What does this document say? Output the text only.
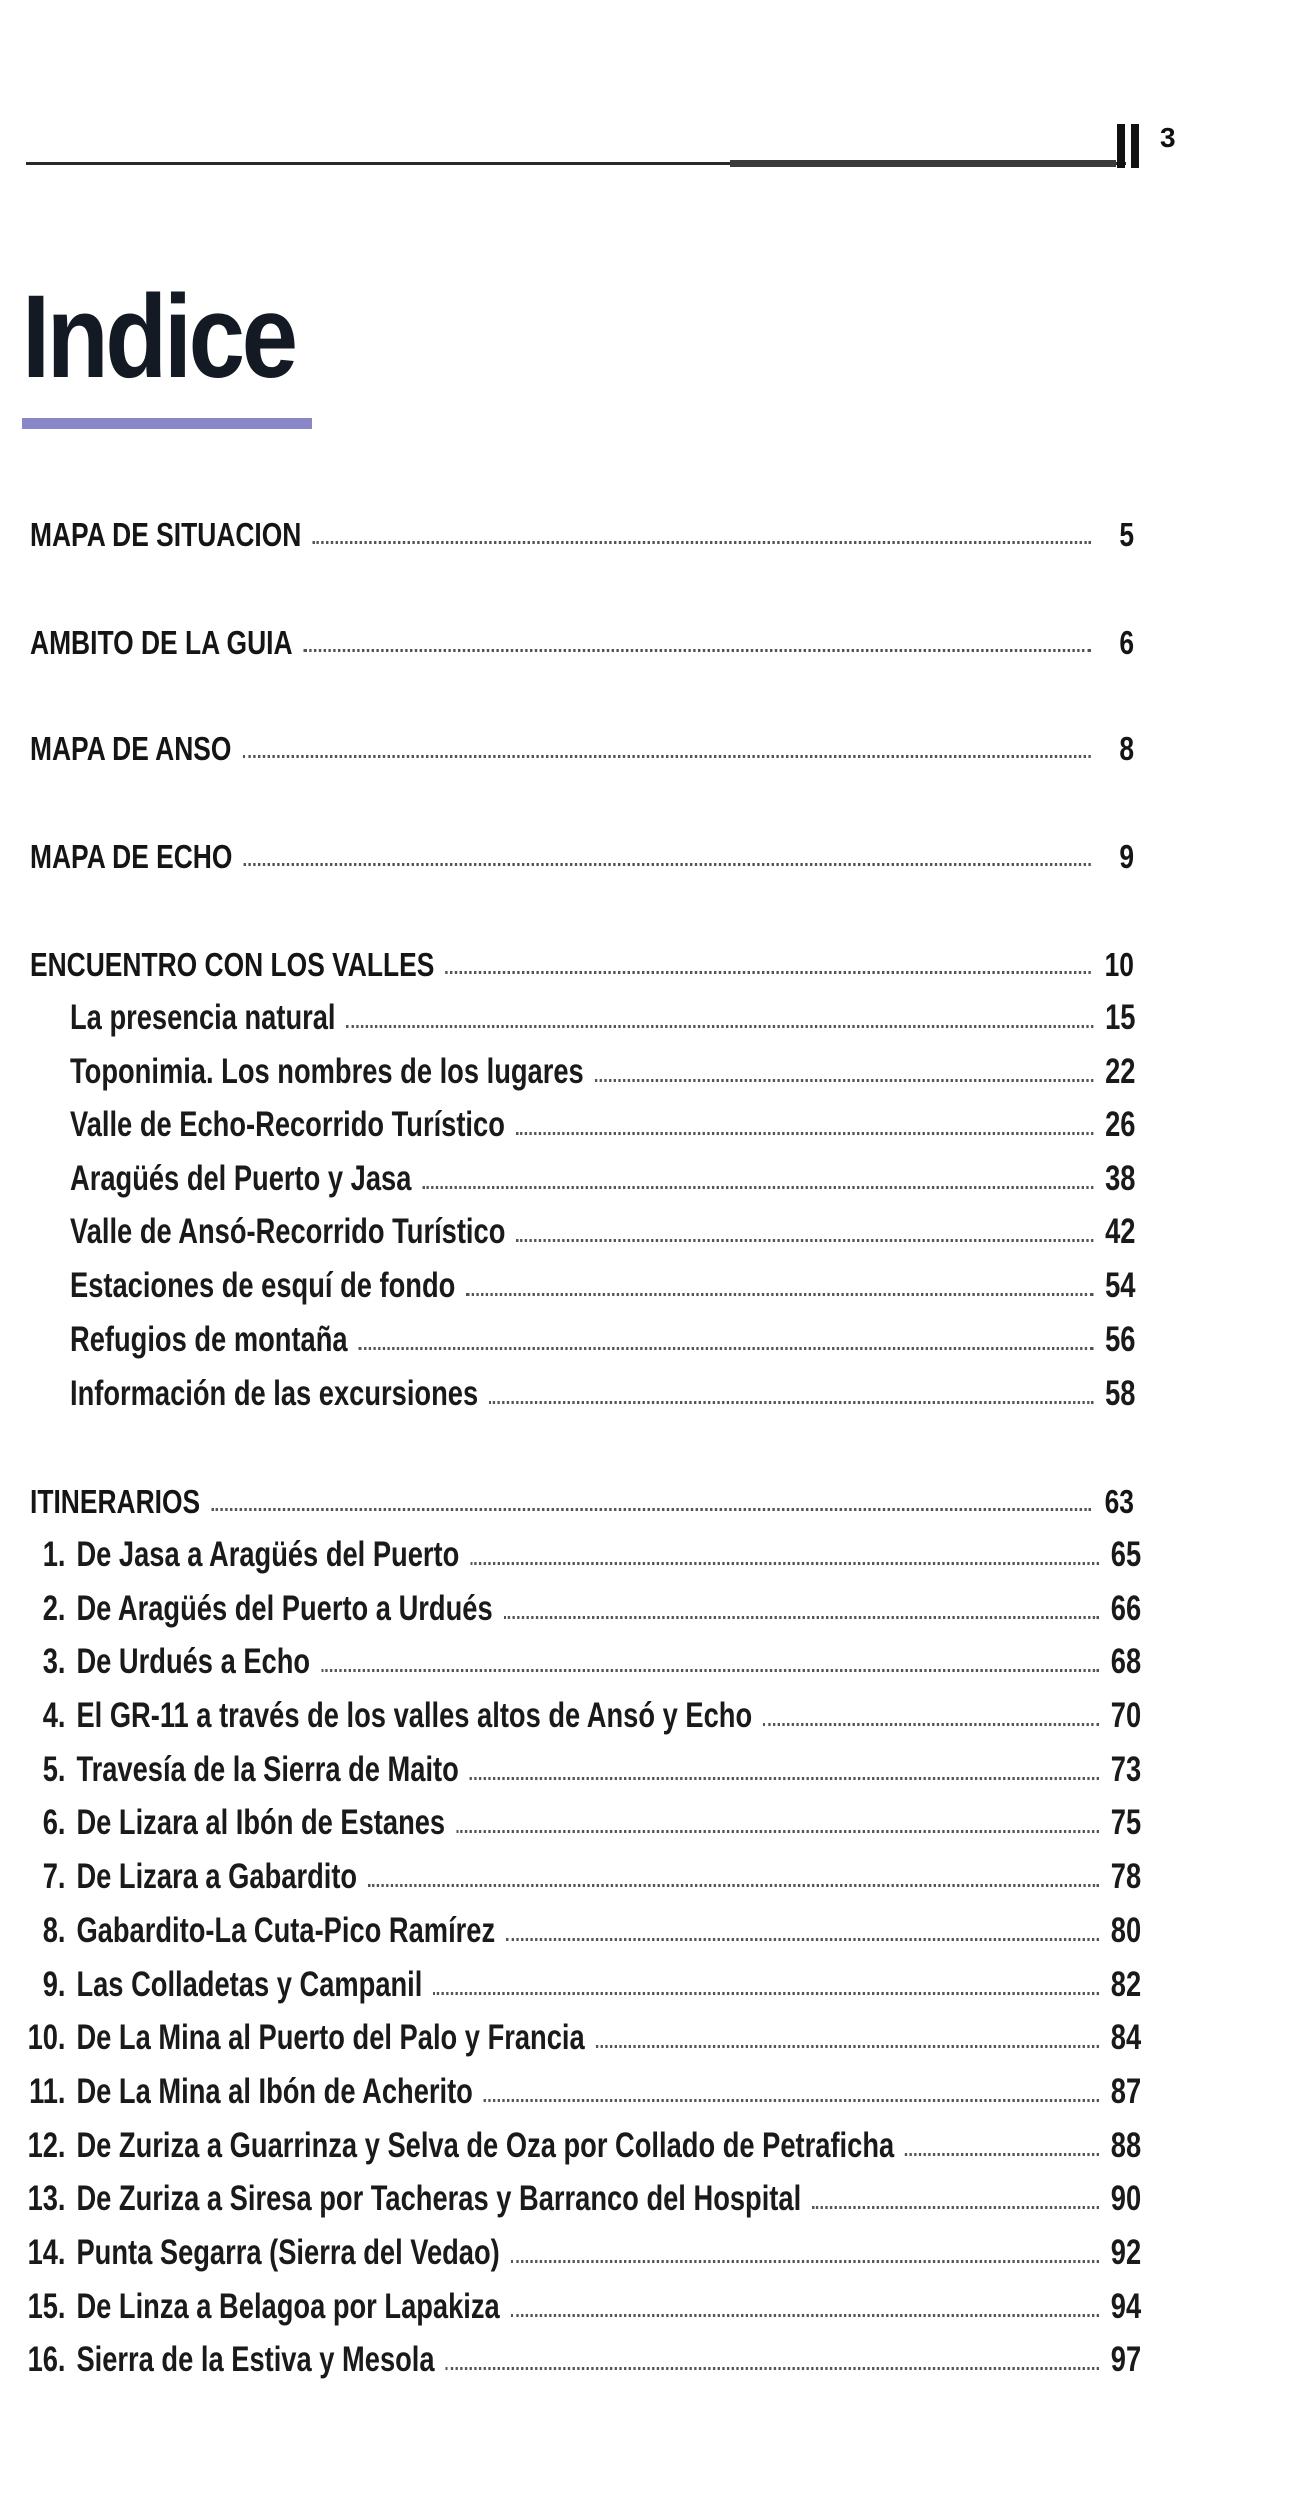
3
Indice
MAPA DE SITUACION	5
AMBITO DE LA GUIA	6
MAPA DE ANSO	8
MAPA DE ECHO	9
ENCUENTRO CON LOS VALLES	10
La presencia natural	15
Toponimia. Los nombres de los lugares	22
Valle de Echo-Recorrido Turístico	26
Aragüés del Puerto y Jasa	38
Valle de Ansó-Recorrido Turístico	42
Estaciones de esquí de fondo	54
Refugios de montaña	56
Información de las excursiones	58
ITINERARIOS	63
1. De Jasa a Aragüés del Puerto	65
2. De Aragüés del Puerto a Urdués	66
3. De Urdués a Echo	68
4. El GR-11 a través de los valles altos de Ansó y Echo	70
5. Travesía de la Sierra de Maito	73
6. De Lizara al Ibón de Estanes	75
7. De Lizara a Gabardito	78
8. Gabardito-La Cuta-Pico Ramírez	80
9. Las Colladetas y Campanil	82
10. De La Mina al Puerto del Palo y Francia	84
11. De La Mina al Ibón de Acherito	87
12. De Zuriza a Guarrinza y Selva de Oza por Collado de Petraficha	88
13. De Zuriza a Siresa por Tacheras y Barranco del Hospital	90
14. Punta Segarra (Sierra del Vedao)	92
15. De Linza a Belagoa por Lapakiza	94
16. Sierra de la Estiva y Mesola	97
